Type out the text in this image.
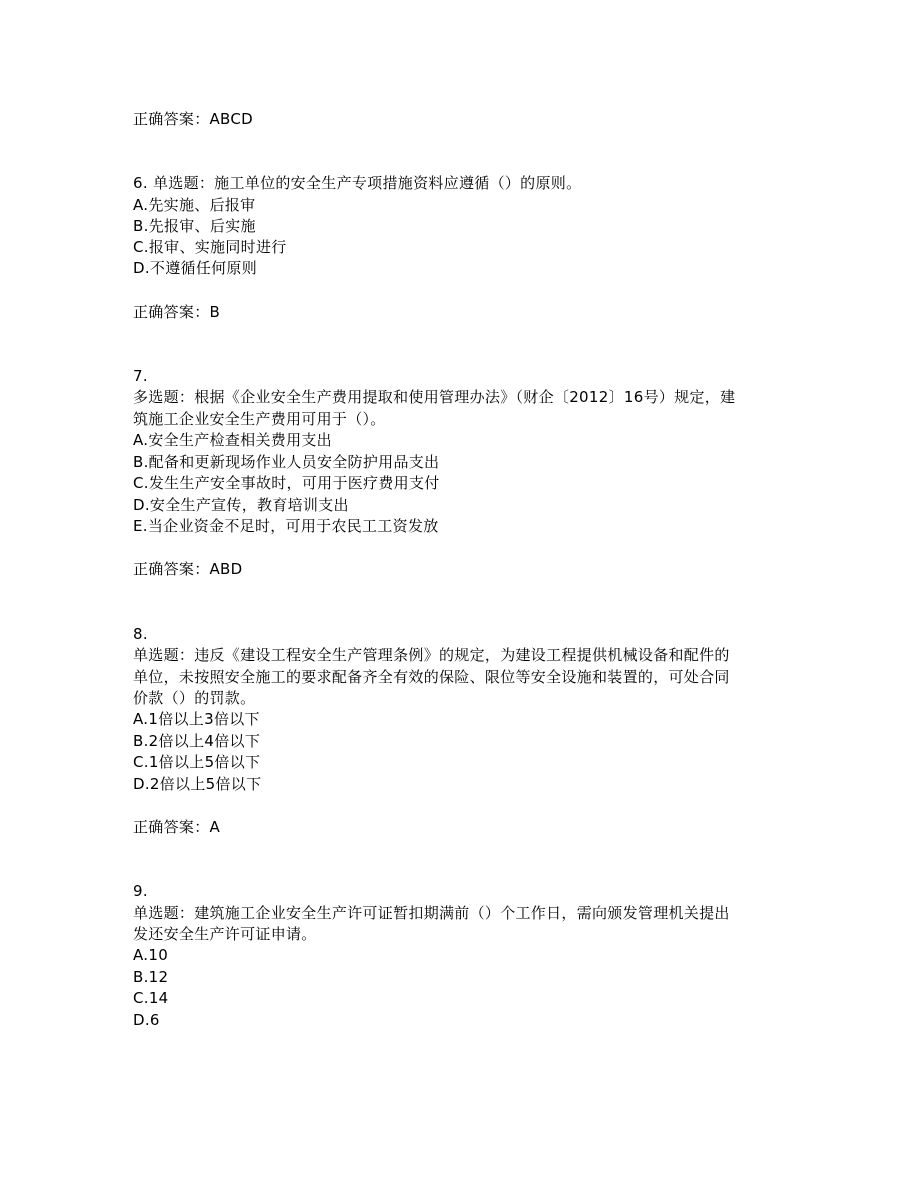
正确答案：ABCD
6. 单选题：施工单位的安全生产专项措施资料应遵循（）的原则。
A.先实施、后报审
B.先报审、后实施
C.报审、实施同时进行
D.不遵循任何原则
正确答案：B
7.
多选题：根据《企业安全生产费用提取和使用管理办法》（财企〔2012〕16号）规定，建
筑施工企业安全生产费用可用于（）。
A.安全生产检查相关费用支出
B.配备和更新现场作业人员安全防护用品支出
C.发生生产安全事故时，可用于医疗费用支付
D.安全生产宣传，教育培训支出
E.当企业资金不足时，可用于农民工工资发放
正确答案：ABD
8.
单选题：违反《建设工程安全生产管理条例》的规定，为建设工程提供机械设备和配件的
单位，未按照安全施工的要求配备齐全有效的保险、限位等安全设施和装置的，可处合同
价款（）的罚款。
A.1倍以上3倍以下
B.2倍以上4倍以下
C.1倍以上5倍以下
D.2倍以上5倍以下
正确答案：A
9.
单选题：建筑施工企业安全生产许可证暂扣期满前（）个工作日，需向颁发管理机关提出
发还安全生产许可证申请。
A.10
B.12
C.14
D.6
